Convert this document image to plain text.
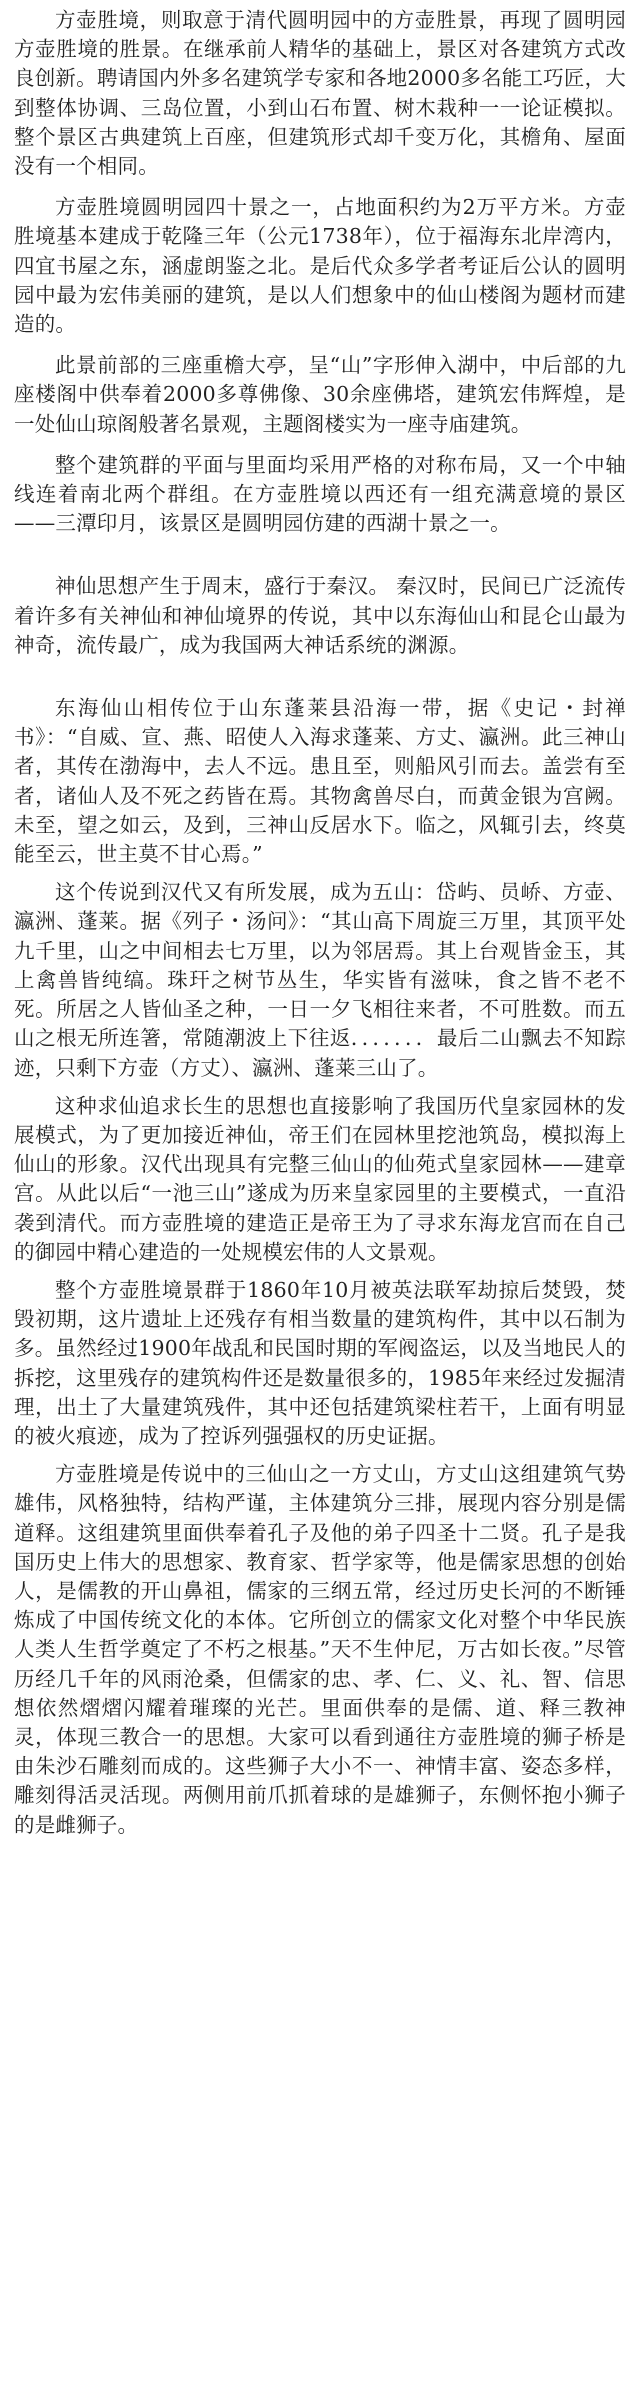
方壶胜境，则取意于清代圆明园中的方壶胜景，再现了圆明园方壶胜境的胜景。在继承前人精华的基础上，景区对各建筑方式改良创新。聘请国内外多名建筑学专家和各地2000多名能工巧匠，大到整体协调、三岛位置，小到山石布置、树木栽种一一论证模拟。整个景区古典建筑上百座，但建筑形式却千变万化，其檐角、屋面没有一个相同。

方壶胜境圆明园四十景之一，占地面积约为2万平方米。方壶胜境基本建成于乾隆三年（公元1738年），位于福海东北岸湾内，四宜书屋之东，涵虚朗鉴之北。是后代众多学者考证后公认的圆明园中最为宏伟美丽的建筑，是以人们想象中的仙山楼阁为题材而建造的。

此景前部的三座重檐大亭，呈“山”字形伸入湖中，中后部的九座楼阁中供奉着2000多尊佛像、30余座佛塔，建筑宏伟辉煌，是一处仙山琼阁般著名景观，主题阁楼实为一座寺庙建筑。

整个建筑群的平面与里面均采用严格的对称布局，又一个中轴线连着南北两个群组。在方壶胜境以西还有一组充满意境的景区——三潭印月，该景区是圆明园仿建的西湖十景之一。

神仙思想产生于周末，盛行于秦汉。 秦汉时，民间已广泛流传着许多有关神仙和神仙境界的传说，其中以东海仙山和昆仑山最为神奇，流传最广，成为我国两大神话系统的渊源。

东海仙山相传位于山东蓬莱县沿海一带，据《史记・封禅书》：“自威、宣、燕、昭使人入海求蓬莱、方丈、瀛洲。此三神山者，其传在渤海中，去人不远。患且至，则船风引而去。盖尝有至者，诸仙人及不死之药皆在焉。其物禽兽尽白，而黄金银为宫阙。未至，望之如云，及到，三神山反居水下。临之，风辄引去，终莫能至云，世主莫不甘心焉。”

这个传说到汉代又有所发展，成为五山：岱屿、员峤、方壶、瀛洲、蓬莱。据《列子・汤问》：“其山高下周旋三万里，其顶平处九千里，山之中间相去七万里，以为邻居焉。其上台观皆金玉，其上禽兽皆纯缟。珠玕之树节丛生，华实皆有滋味，食之皆不老不死。所居之人皆仙圣之种，一日一夕飞相往来者，不可胜数。而五山之根无所连箸，常随潮波上下往返．．．．．．．最后二山飘去不知踪迹，只剩下方壶（方丈）、瀛洲、蓬莱三山了。

这种求仙追求长生的思想也直接影响了我国历代皇家园林的发展模式，为了更加接近神仙，帝王们在园林里挖池筑岛，模拟海上仙山的形象。汉代出现具有完整三仙山的仙苑式皇家园林——建章宫。从此以后“一池三山”遂成为历来皇家园里的主要模式，一直沿袭到清代。而方壶胜境的建造正是帝王为了寻求东海龙宫而在自己的御园中精心建造的一处规模宏伟的人文景观。

整个方壶胜境景群于1860年10月被英法联军劫掠后焚毁，焚毁初期，这片遗址上还残存有相当数量的建筑构件，其中以石制为多。虽然经过1900年战乱和民国时期的军阀盗运，以及当地民人的拆挖，这里残存的建筑构件还是数量很多的，1985年来经过发掘清理，出土了大量建筑残件，其中还包括建筑梁柱若干，上面有明显的被火痕迹，成为了控诉列强强权的历史证据。

方壶胜境是传说中的三仙山之一方丈山，方丈山这组建筑气势雄伟，风格独特，结构严谨，主体建筑分三排，展现内容分别是儒道释。这组建筑里面供奉着孔子及他的弟子四圣十二贤。孔子是我国历史上伟大的思想家、教育家、哲学家等，他是儒家思想的创始人，是儒教的开山鼻祖，儒家的三纲五常，经过历史长河的不断锤炼成了中国传统文化的本体。它所创立的儒家文化对整个中华民族人类人生哲学奠定了不朽之根基。”天不生仲尼，万古如长夜。”尽管历经几千年的风雨沧桑，但儒家的忠、孝、仁、义、礼、智、信思想依然熠熠闪耀着璀璨的光芒。里面供奉的是儒、道、释三教神灵，体现三教合一的思想。大家可以看到通往方壶胜境的狮子桥是由朱沙石雕刻而成的。这些狮子大小不一、神情丰富、姿态多样，雕刻得活灵活现。两侧用前爪抓着球的是雄狮子，东侧怀抱小狮子的是雌狮子。
